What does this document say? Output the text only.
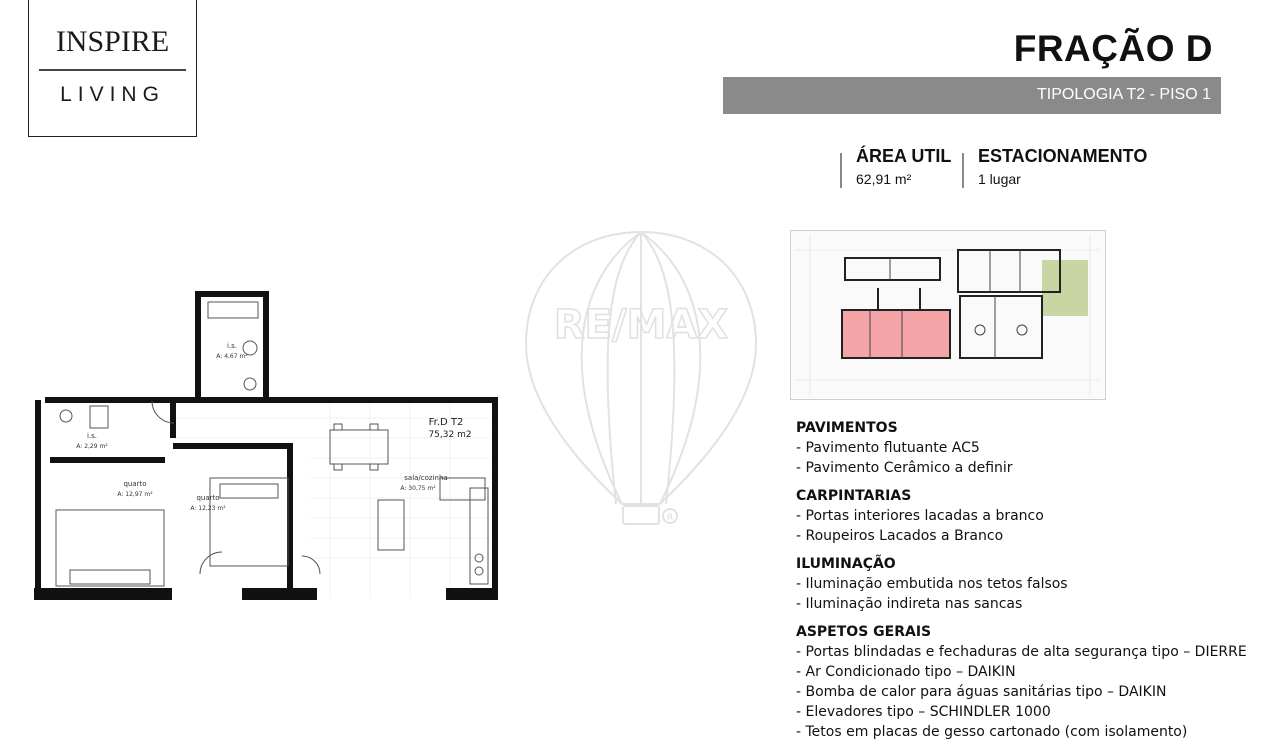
INSPIRE
LIVING
FRAÇÃO D
TIPOLOGIA T2 - PISO 1
ÁREA UTIL
62,91 m²
ESTACIONAMENTO
1 lugar
RE/MAX
R
i.s.
A: 4,67 m²
i.s.
A: 2,29 m²
quarto
A: 12,97 m²	quarto
A: 12,23 m²
sala/cozinha
A: 30,75 m²
Fr.D T2
75,32 m2	PAVIMENTOS
- Pavimento flutuante AC5
- Pavimento Cerâmico a definir
CARPINTARIAS
- Portas interiores lacadas a branco
- Roupeiros Lacados a Branco
ILUMINAÇÃO
- Iluminação embutida nos tetos falsos
- Iluminação indireta nas sancas
ASPETOS GERAIS
- Portas blindadas e fechaduras de alta segurança tipo – DIERRE
- Ar Condicionado tipo – DAIKIN
- Bomba de calor para águas sanitárias tipo – DAIKIN
- Elevadores tipo – SCHINDLER 1000
- Tetos em placas de gesso cartonado (com isolamento)
